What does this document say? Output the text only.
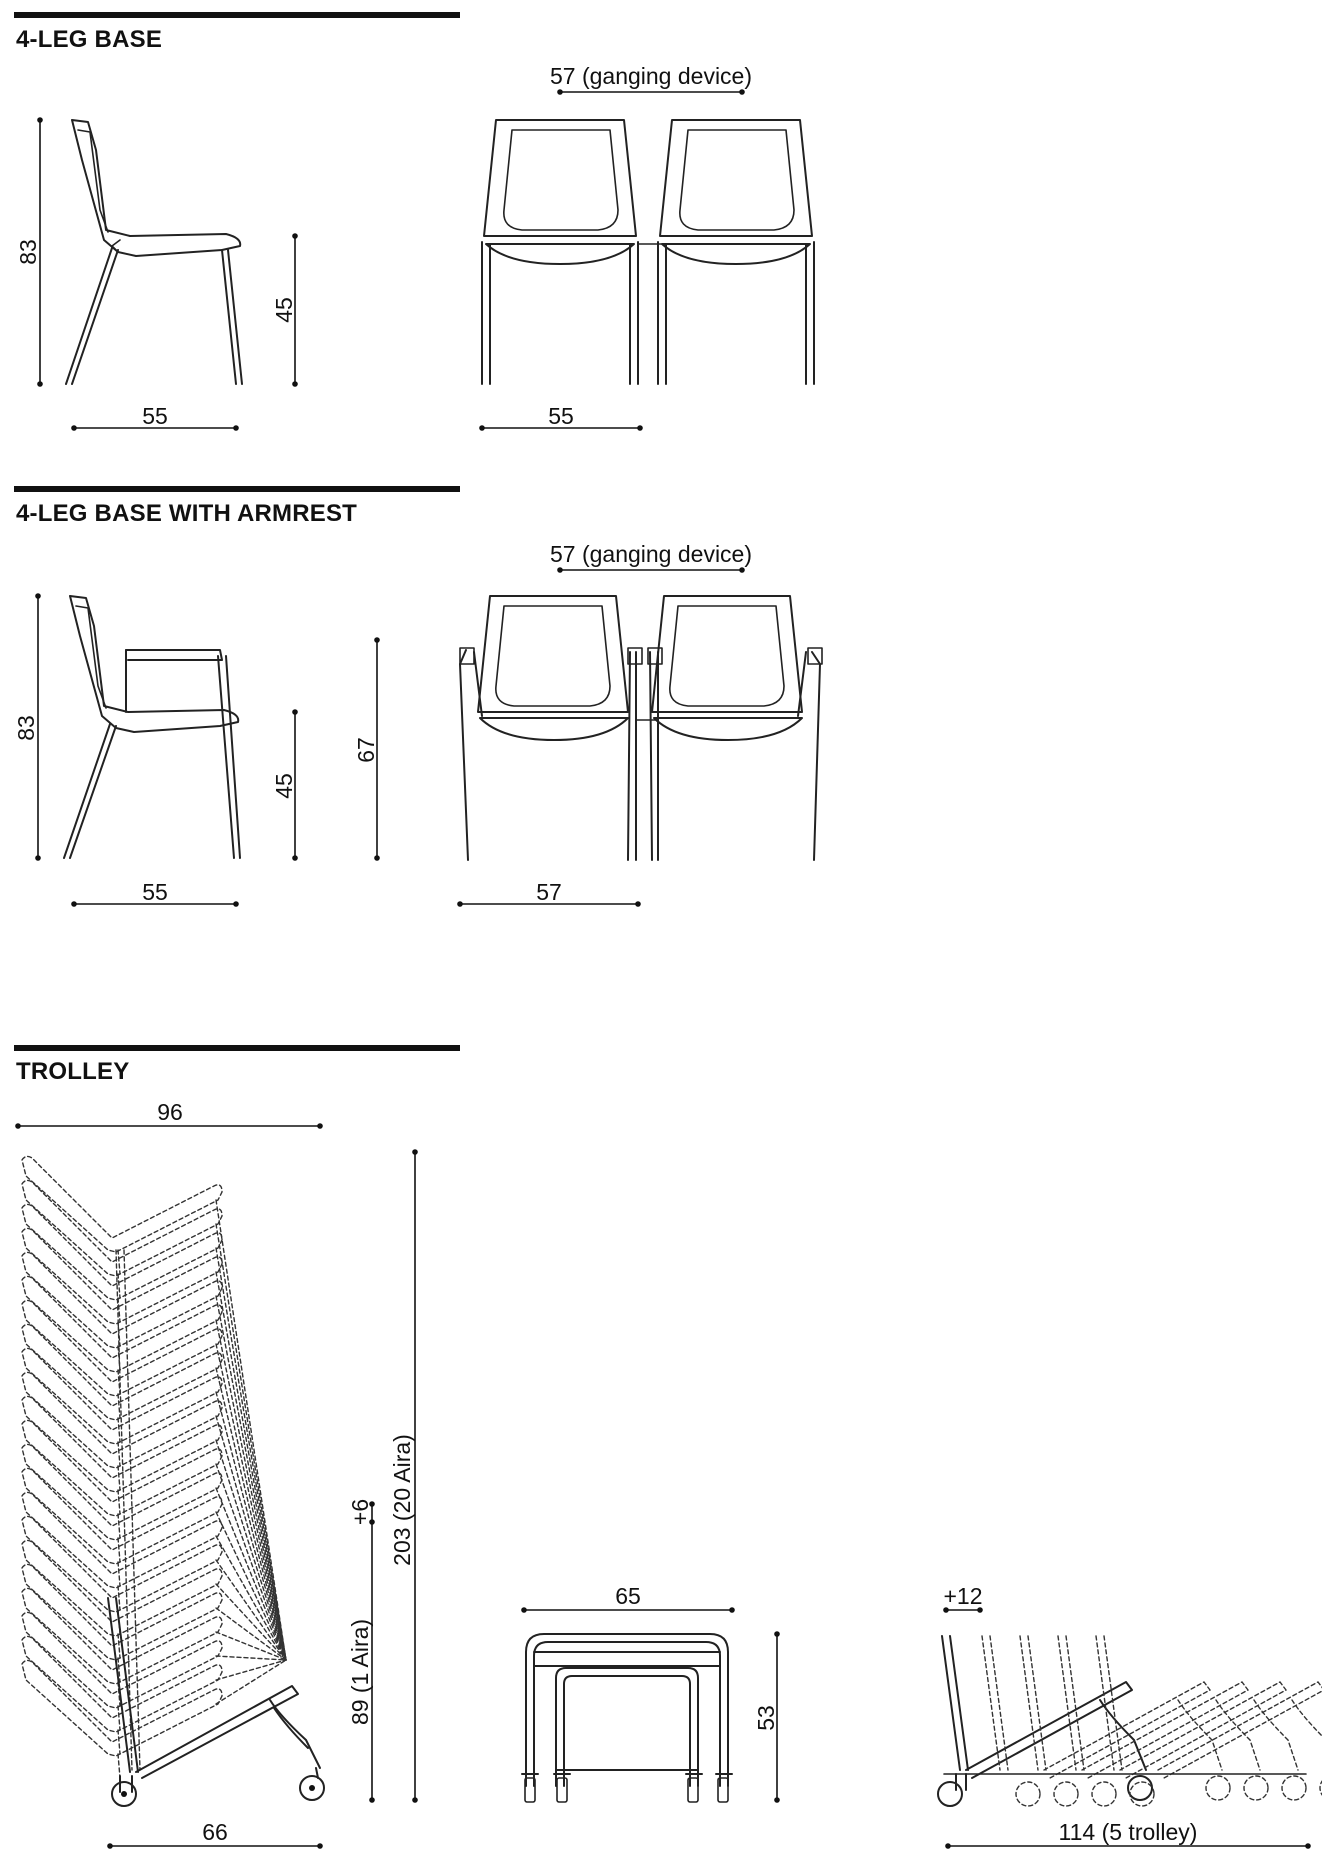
4-LEG BASE
4-LEG BASE WITH ARMREST
TROLLEY
83
45
55
57 (ganging device)
55
83
45
67
55
57 (ganging device)
57
96
66
203 (20 Aira)
89 (1 Aira)
+6
65
53
+12
114 (5 trolley)
